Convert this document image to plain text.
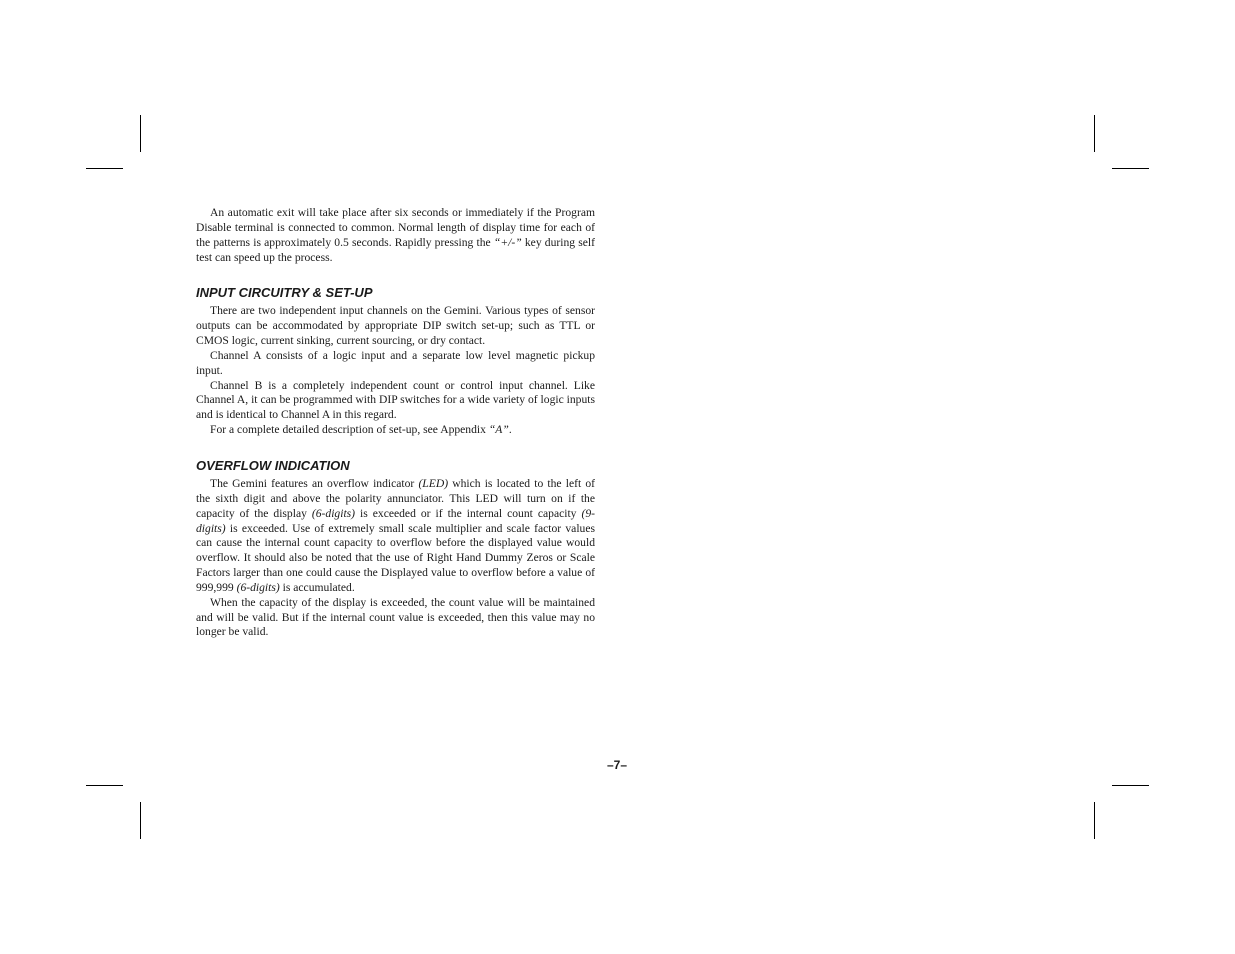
An automatic exit will take place after six seconds or immediately if the Program Disable terminal is connected to common. Normal length of display time for each of the patterns is approximately 0.5 seconds. Rapidly pressing the “+/-” key during self test can speed up the process.

INPUT CIRCUITRY & SET-UP

There are two independent input channels on the Gemini. Various types of sensor outputs can be accommodated by appropriate DIP switch set-up; such as TTL or CMOS logic, current sinking, current sourcing, or dry contact.

Channel A consists of a logic input and a separate low level magnetic pickup input.

Channel B is a completely independent count or control input channel. Like Channel A, it can be programmed with DIP switches for a wide variety of logic inputs and is identical to Channel A in this regard.

For a complete detailed description of set-up, see Appendix “A”.

OVERFLOW INDICATION

The Gemini features an overflow indicator (LED) which is located to the left of the sixth digit and above the polarity annunciator. This LED will turn on if the capacity of the display (6-digits) is exceeded or if the internal count capacity (9-digits) is exceeded. Use of extremely small scale multiplier and scale factor values can cause the internal count capacity to overflow before the displayed value would overflow. It should also be noted that the use of Right Hand Dummy Zeros or Scale Factors larger than one could cause the Displayed value to overflow before a value of 999,999 (6-digits) is accumulated.

When the capacity of the display is exceeded, the count value will be maintained and will be valid. But if the internal count value is exceeded, then this value may no longer be valid.

–7–
